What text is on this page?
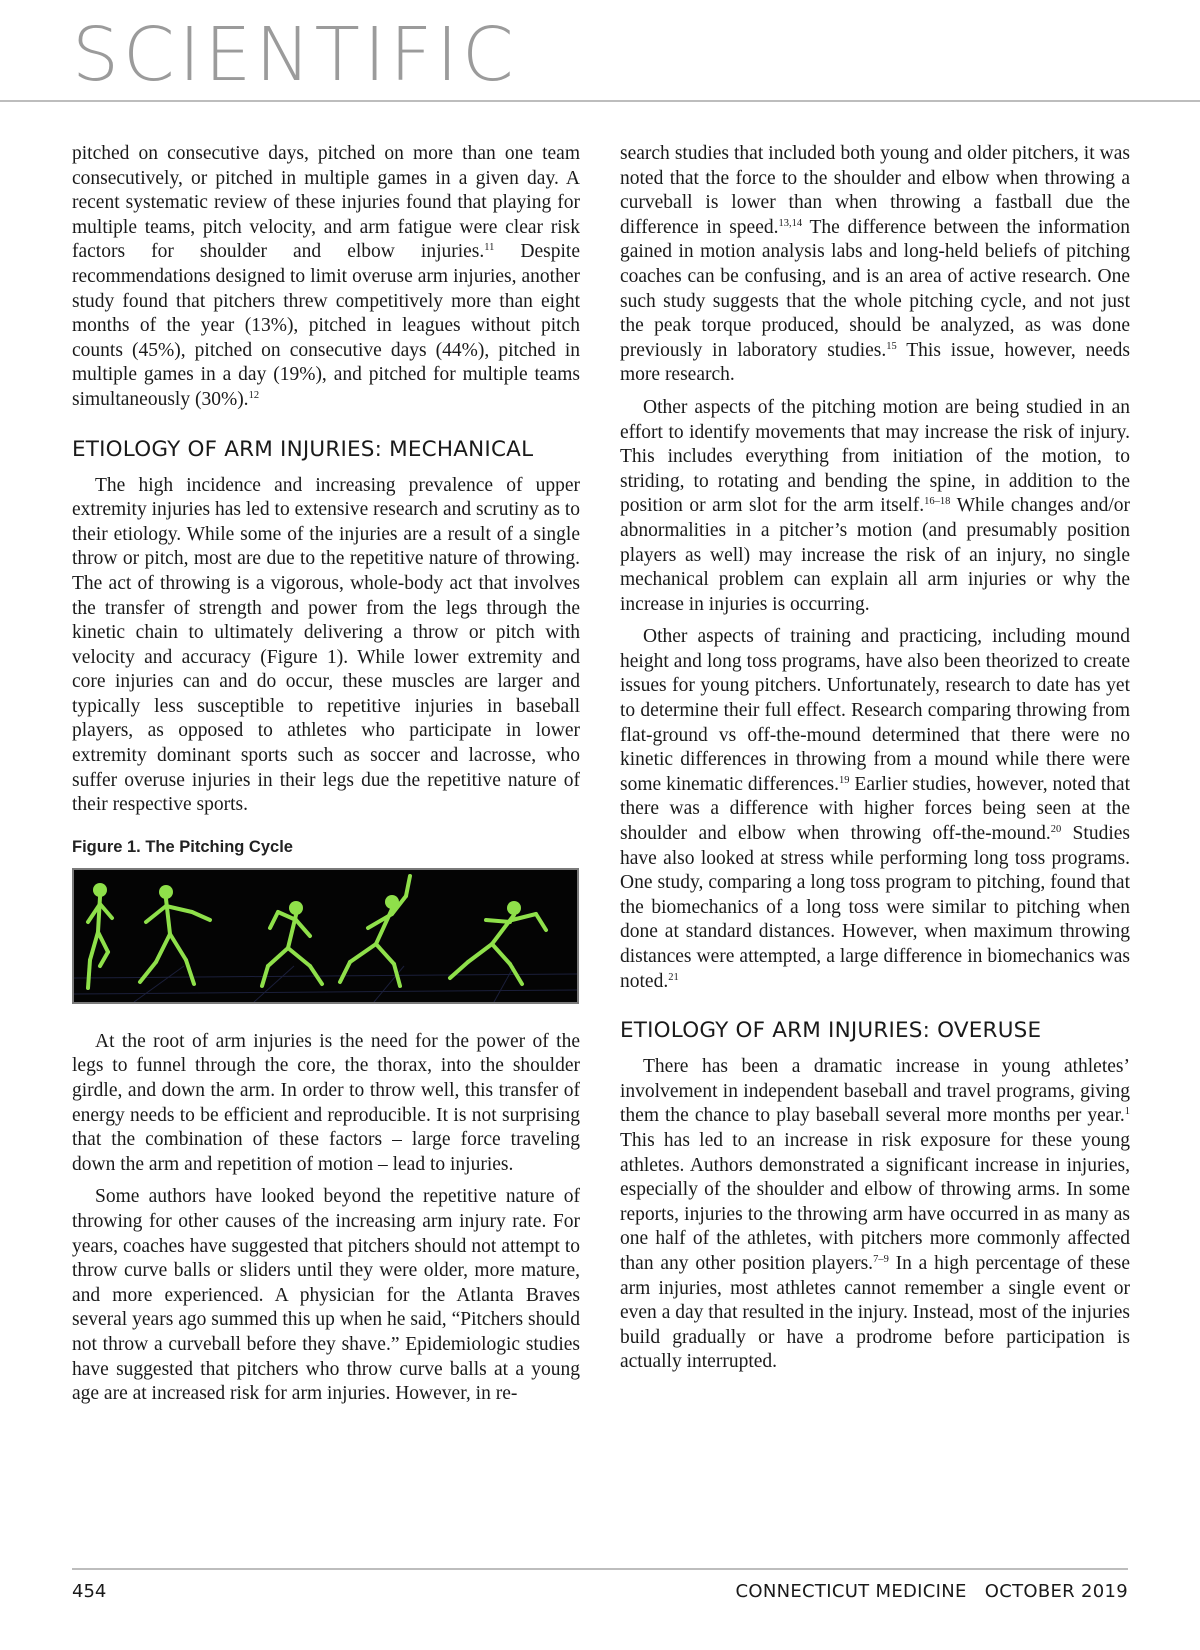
SCIENTIFIC

pitched on consecutive days, pitched on more than one team consecutively, or pitched in multiple games in a given day. A recent systematic review of these injuries found that playing for multiple teams, pitch velocity, and arm fatigue were clear risk factors for shoulder and elbow injuries.$^{11}$ Despite recommendations designed to limit overuse arm injuries, another study found that pitchers threw competitively more than eight months of the year (13%), pitched in leagues without pitch counts (45%), pitched on consecutive days (44%), pitched in multiple games in a day (19%), and pitched for multiple teams simultaneously (30%).$^{12}$

ETIOLOGY OF ARM INJURIES: MECHANICAL

The high incidence and increasing prevalence of upper extremity injuries has led to extensive research and scrutiny as to their etiology. While some of the injuries are a result of a single throw or pitch, most are due to the repetitive nature of throwing. The act of throwing is a vigorous, whole-body act that involves the transfer of strength and power from the legs through the kinetic chain to ultimately delivering a throw or pitch with velocity and accuracy (Figure 1). While lower extremity and core injuries can and do occur, these muscles are larger and typically less susceptible to repetitive injuries in baseball players, as opposed to athletes who participate in lower extremity dominant sports such as soccer and lacrosse, who suffer overuse injuries in their legs due the repetitive nature of their respective sports.

Figure 1. The Pitching Cycle

At the root of arm injuries is the need for the power of the legs to funnel through the core, the thorax, into the shoulder girdle, and down the arm. In order to throw well, this transfer of energy needs to be efficient and reproducible. It is not surprising that the combination of these factors – large force traveling down the arm and repetition of motion – lead to injuries.

Some authors have looked beyond the repetitive nature of throwing for other causes of the increasing arm injury rate. For years, coaches have suggested that pitchers should not attempt to throw curve balls or sliders until they were older, more mature, and more experienced. A physician for the Atlanta Braves several years ago summed this up when he said, “Pitchers should not throw a curveball before they shave.” Epidemiologic studies have suggested that pitchers who throw curve balls at a young age are at increased risk for arm injuries. However, in re-

search studies that included both young and older pitchers, it was noted that the force to the shoulder and elbow when throwing a curveball is lower than when throwing a fastball due the difference in speed.$^{13,14}$ The difference between the information gained in motion analysis labs and long-held beliefs of pitching coaches can be confusing, and is an area of active research. One such study suggests that the whole pitching cycle, and not just the peak torque produced, should be analyzed, as was done previously in laboratory studies.$^{15}$ This issue, however, needs more research.

Other aspects of the pitching motion are being studied in an effort to identify movements that may increase the risk of injury. This includes everything from initiation of the motion, to striding, to rotating and bending the spine, in addition to the position or arm slot for the arm itself.$^{16-18}$ While changes and/or abnormalities in a pitcher’s motion (and presumably position players as well) may increase the risk of an injury, no single mechanical problem can explain all arm injuries or why the increase in injuries is occurring.

Other aspects of training and practicing, including mound height and long toss programs, have also been theorized to create issues for young pitchers. Unfortunately, research to date has yet to determine their full effect. Research comparing throwing from flat-ground vs off-the-mound determined that there were no kinetic differences in throwing from a mound while there were some kinematic differences.$^{19}$ Earlier studies, however, noted that there was a difference with higher forces being seen at the shoulder and elbow when throwing off-the-mound.$^{20}$ Studies have also looked at stress while performing long toss programs. One study, comparing a long toss program to pitching, found that the biomechanics of a long toss were similar to pitching when done at standard distances. However, when maximum throwing distances were attempted, a large difference in biomechanics was noted.$^{21}$

ETIOLOGY OF ARM INJURIES: OVERUSE

There has been a dramatic increase in young athletes’ involvement in independent baseball and travel programs, giving them the chance to play baseball several more months per year.$^1$ This has led to an increase in risk exposure for these young athletes. Authors demonstrated a significant increase in injuries, especially of the shoulder and elbow of throwing arms. In some reports, injuries to the throwing arm have occurred in as many as one half of the athletes, with pitchers more commonly affected than any other position players.$^{7-9}$ In a high percentage of these arm injuries, most athletes cannot remember a single event or even a day that resulted in the injury. Instead, most of the injuries build gradually or have a prodrome before participation is actually interrupted.

454	CONNECTICUT MEDICINE   OCTOBER 2019
